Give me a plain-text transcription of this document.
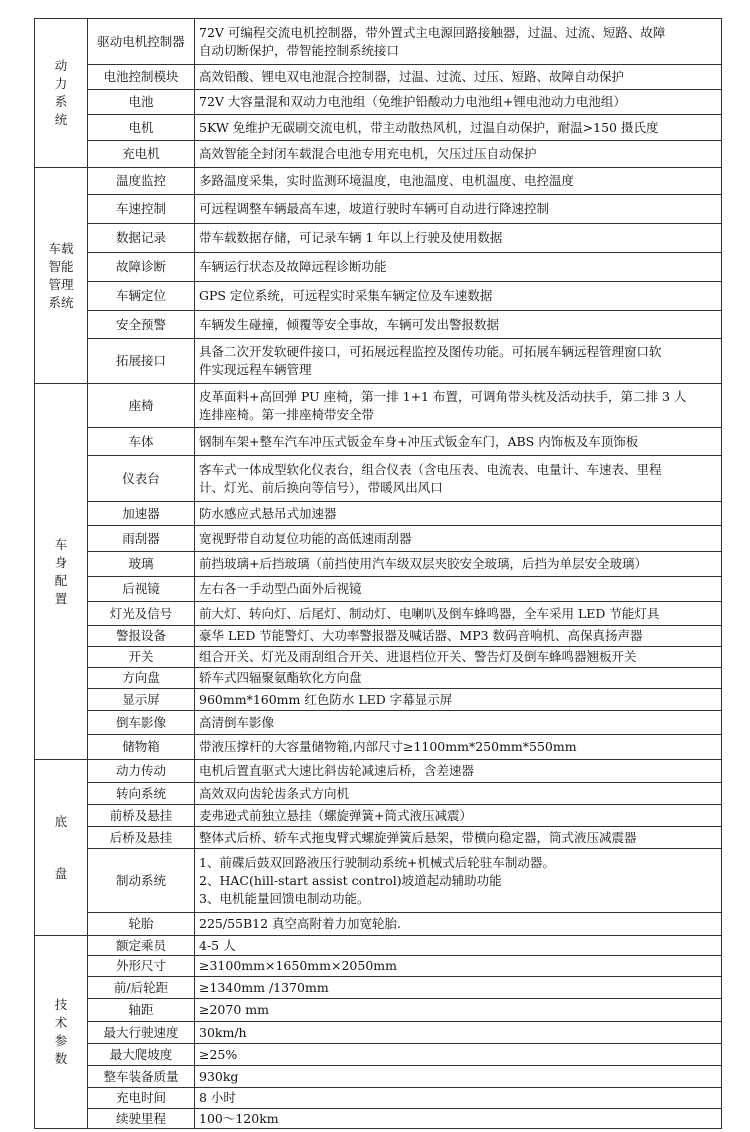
动
力
系
统	驱动电机控制器	72V 可编程交流电机控制器，带外置式主电源回路接触器，过温、过流、短路、故障
自动切断保护，带智能控制系统接口

	电池控制模块	高效铅酸、锂电双电池混合控制器，过温、过流、过压、短路、故障自动保护

	电池	72V 大容量混和双动力电池组（免维护铅酸动力电池组+锂电池动力电池组）

	电机	5KW 免维护无碳刷交流电机，带主动散热风机，过温自动保护，耐温>150 摄氏度

	充电机	高效智能全封闭车载混合电池专用充电机，欠压过压自动保护

车载
智能
管理
系统	温度监控	多路温度采集，实时监测环境温度，电池温度、电机温度、电控温度

	车速控制	可远程调整车辆最高车速，坡道行驶时车辆可自动进行降速控制

	数据记录	带车载数据存储，可记录车辆 1 年以上行驶及使用数据

	故障诊断	车辆运行状态及故障远程诊断功能

	车辆定位	GPS 定位系统，可远程实时采集车辆定位及车速数据

	安全预警	车辆发生碰撞，倾覆等安全事故，车辆可发出警报数据

	拓展接口	具备二次开发软硬件接口，可拓展远程监控及图传功能。可拓展车辆远程管理窗口软
件实现远程车辆管理

车
身
配
置	座椅	皮革面料+高回弹 PU 座椅，第一排 1+1 布置，可调角带头枕及活动扶手，第二排 3 人
连排座椅。第一排座椅带安全带

	车体	钢制车架+整车汽车冲压式钣金车身+冲压式钣金车门，ABS 内饰板及车顶饰板

	仪表台	客车式一体成型软化仪表台，组合仪表（含电压表、电流表、电量计、车速表、里程
计、灯光、前后换向等信号），带暖风出风口

	加速器	防水感应式悬吊式加速器

	雨刮器	宽视野带自动复位功能的高低速雨刮器

	玻璃	前挡玻璃+后挡玻璃（前挡使用汽车级双层夹胶安全玻璃，后挡为单层安全玻璃）

	后视镜	左右各一手动型凸面外后视镜

	灯光及信号	前大灯、转向灯、后尾灯、制动灯、电喇叭及倒车蜂鸣器，全车采用 LED 节能灯具

	警报设备	豪华 LED 节能警灯、大功率警报器及喊话器、MP3 数码音响机、高保真扬声器

	开关	组合开关、灯光及雨刮组合开关、进退档位开关、警告灯及倒车蜂鸣器翘板开关

	方向盘	轿车式四辐聚氨酯软化方向盘

	显示屏	960mm*160mm 红色防水 LED 字幕显示屏

	倒车影像	高清倒车影像

	储物箱	带液压撑杆的大容量储物箱,内部尺寸≥1100mm*250mm*550mm

底
盘	动力传动	电机后置直驱式大速比斜齿轮减速后桥，含差速器

	转向系统	高效双向齿轮齿条式方向机

	前桥及悬挂	麦弗逊式前独立悬挂（螺旋弹簧+筒式液压减震）

	后桥及悬挂	整体式后桥、轿车式拖曳臂式螺旋弹簧后悬架，带横向稳定器，筒式液压减震器

	制动系统	1、前碟后鼓双回路液压行驶制动系统+机械式后轮驻车制动器。
2、HAC(hill-start assist control)坡道起动辅助功能
3、电机能量回馈电制动功能。

	轮胎	225/55B12 真空高附着力加宽轮胎.

技
术
参
数	额定乘员	4-5 人

	外形尺寸	≥3100mm×1650mm×2050mm

	前/后轮距	≥1340mm /1370mm

	轴距	≥2070 mm

	最大行驶速度	30km/h

	最大爬坡度	≥25%

	整车装备质量	930kg

	充电时间	8 小时

	续驶里程	100～120km
